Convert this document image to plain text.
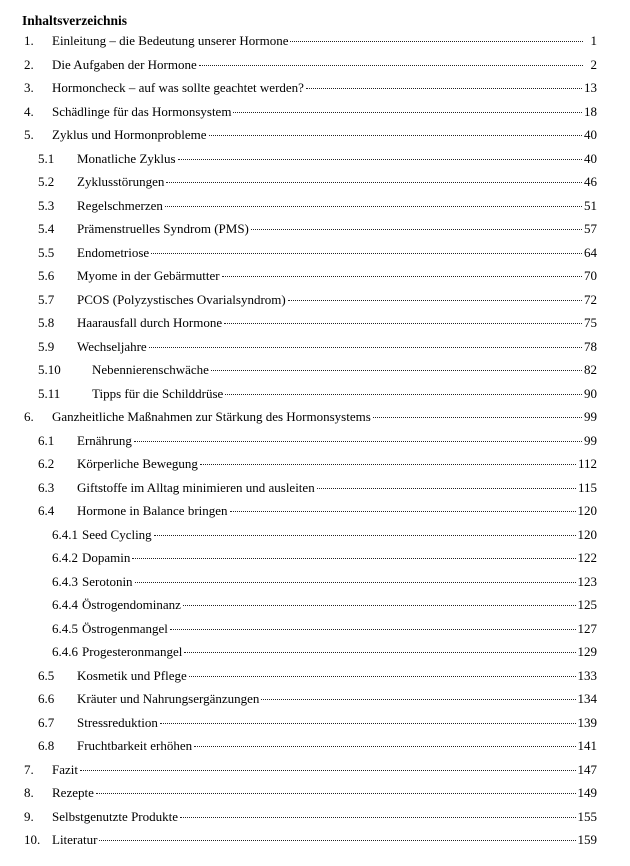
Inhaltsverzeichnis
1.	Einleitung – die Bedeutung unserer Hormone	1
2.	Die Aufgaben der Hormone	2
3.	Hormoncheck – auf was sollte geachtet werden?	13
4.	Schädlinge für das Hormonsystem	18
5.	Zyklus und Hormonprobleme	40
5.1	Monatliche Zyklus	40
5.2	Zyklusstörungen	46
5.3	Regelschmerzen	51
5.4	Prämenstruelles Syndrom (PMS)	57
5.5	Endometriose	64
5.6	Myome in der Gebärmutter	70
5.7	PCOS (Polyzystisches Ovarialsyndrom)	72
5.8	Haarausfall durch Hormone	75
5.9	Wechseljahre	78
5.10	Nebennierenschwäche	82
5.11	Tipps für die Schilddrüse	90
6.	Ganzheitliche Maßnahmen zur Stärkung des Hormonsystems	99
6.1	Ernährung	99
6.2	Körperliche Bewegung	112
6.3	Giftstoffe im Alltag minimieren und ausleiten	115
6.4	Hormone in Balance bringen	120
6.4.1 Seed Cycling	120
6.4.2 Dopamin	122
6.4.3 Serotonin	123
6.4.4 Östrogendominanz	125
6.4.5 Östrogenmangel	127
6.4.6 Progesteronmangel	129
6.5	Kosmetik und Pflege	133
6.6	Kräuter und Nahrungsergänzungen	134
6.7	Stressreduktion	139
6.8	Fruchtbarkeit erhöhen	141
7.	Fazit	147
8.	Rezepte	149
9.	Selbstgenutzte Produkte	155
10. Literatur	159
